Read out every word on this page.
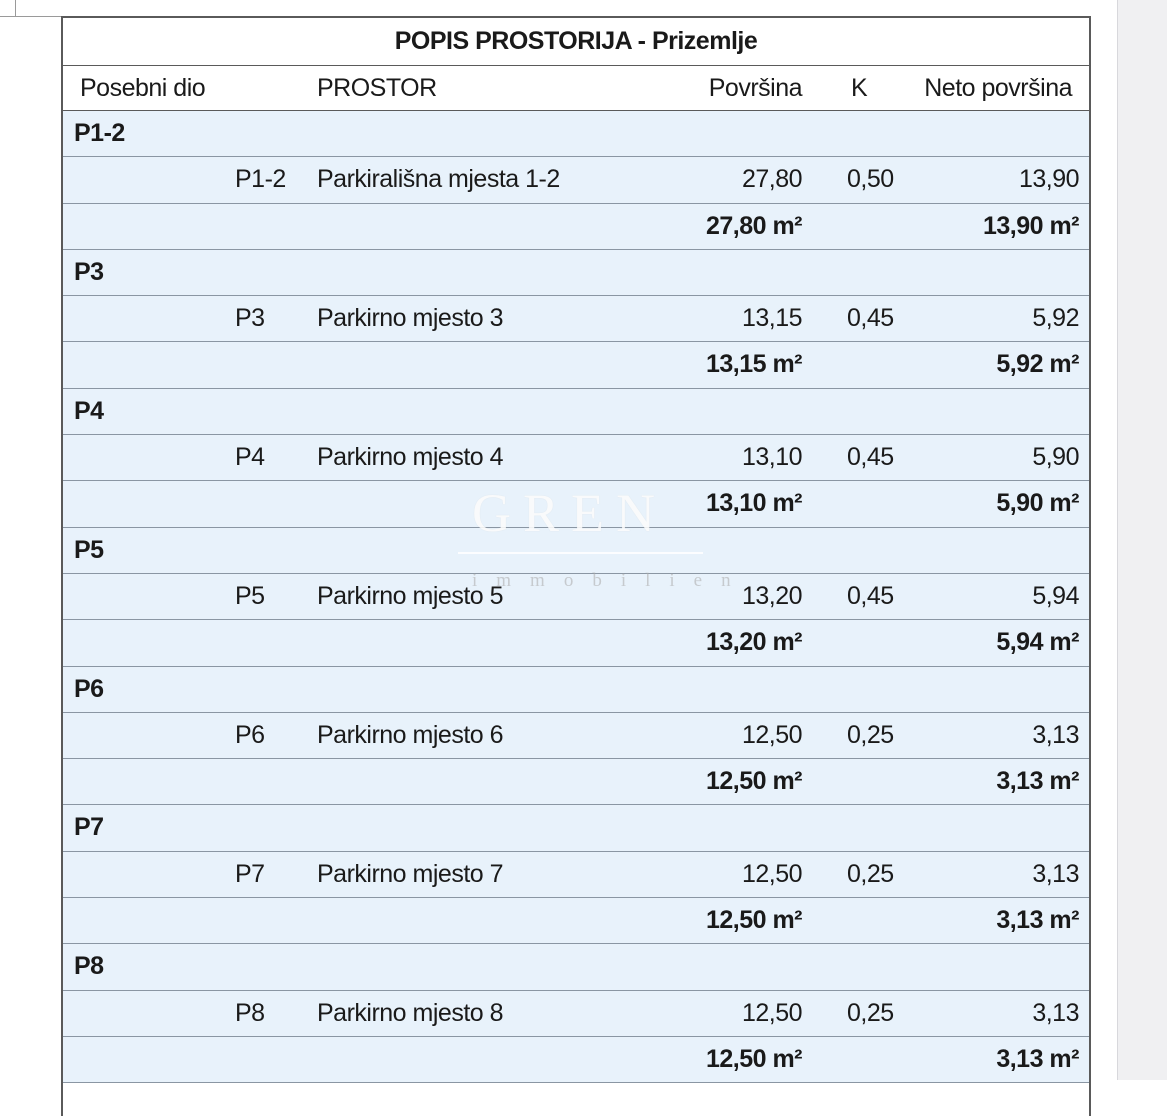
POPIS PROSTORIJA - Prizemlje
Posebni dio	PROSTOR	Površina K Neto površina
P1-2
P1-2 Parkirališna mjesta 1-2	27,80 0,50	13,90
27,80 m²	13,90 m²
P3
P3 Parkirno mjesto 3	13,15 0,45	5,92
13,15 m²	5,92 m²
P4
P4 Parkirno mjesto 4	13,10 0,45	5,90
13,10 m²	5,90 m²
P5
P5 Parkirno mjesto 5	13,20 0,45	5,94
13,20 m²	5,94 m²
P6
P6 Parkirno mjesto 6	12,50 0,25	3,13
12,50 m²	3,13 m²
P7
P7 Parkirno mjesto 7	12,50 0,25	3,13
12,50 m²	3,13 m²
P8
P8 Parkirno mjesto 8	12,50 0,25	3,13
12,50 m²	3,13 m²
GREN
immobilien
